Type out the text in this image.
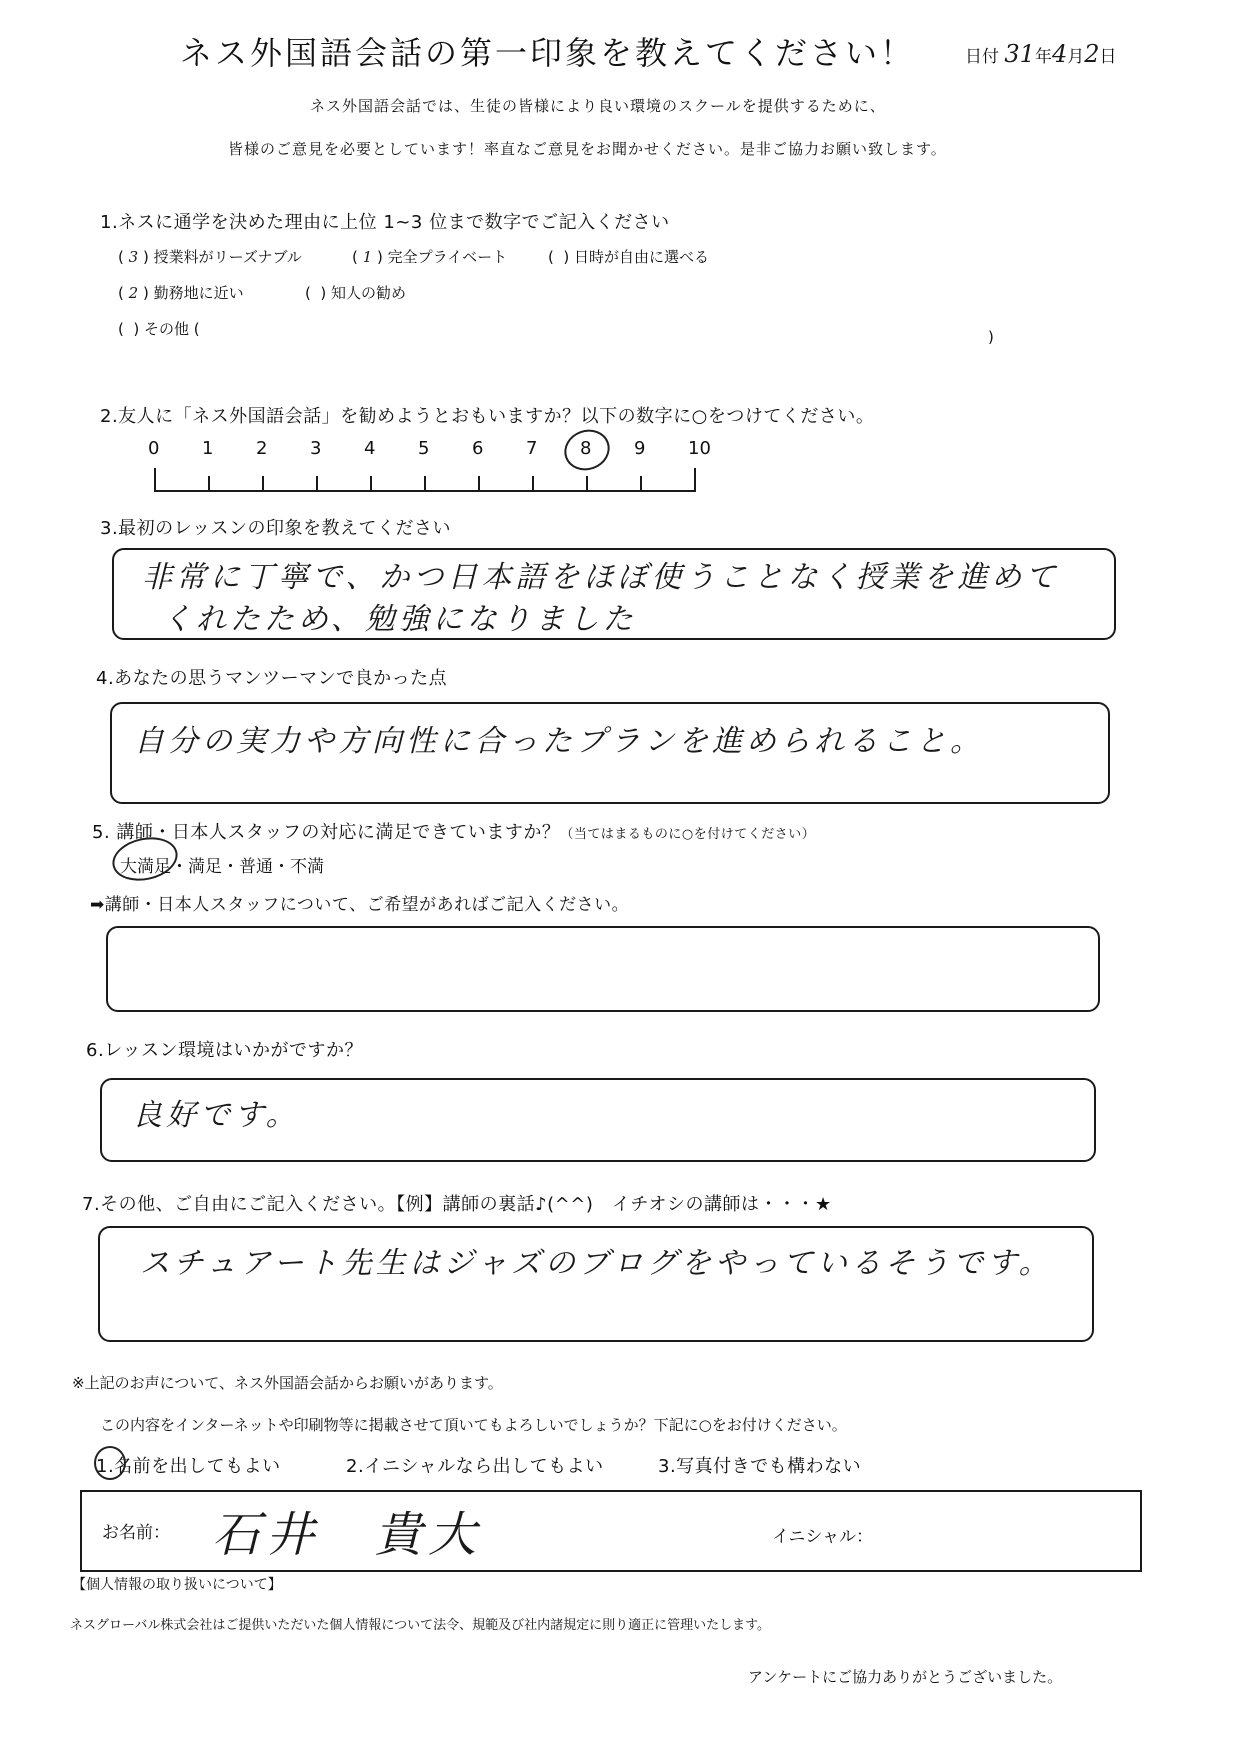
ネス外国語会話の第一印象を教えてください！	日付 31年4月2日
ネス外国語会話では、生徒の皆様により良い環境のスクールを提供するために、
皆様のご意見を必要としています！率直なご意見をお聞かせください。是非ご協力お願い致します。
1.ネスに通学を決めた理由に上位 1~3 位まで数字でご記入ください
( 3 ) 授業料がリーズナブル	( 1 ) 完全プライベート	(  ) 日時が自由に選べる
( 2 ) 勤務地に近い	(  ) 知人の勧め
(  ) その他 (	)
2.友人に「ネス外国語会話」を勧めようとおもいますか？以下の数字に○をつけてください。
0 1 2 3 4 5 6 7 8 9 10
3.最初のレッスンの印象を教えてください
非常に丁寧で、かつ日本語をほぼ使うことなく授業を進めて
くれたため、勉強になりました
4.あなたの思うマンツーマンで良かった点
自分の実力や方向性に合ったプランを進められること。
5. 講師・日本人スタッフの対応に満足できていますか？（当てはまるものに○を付けてください）
大満足・満足・普通・不満
➡講師・日本人スタッフについて、ご希望があればご記入ください。
6.レッスン環境はいかがですか？
良好です。
7.その他、ご自由にご記入ください。【例】講師の裏話♪(^^)　イチオシの講師は・・・★
スチュアート先生はジャズのブログをやっているそうです。
※上記のお声について、ネス外国語会話からお願いがあります。
この内容をインターネットや印刷物等に掲載させて頂いてもよろしいでしょうか？下記に○をお付けください。
1.名前を出してもよい	2.イニシャルなら出してもよい	3.写真付きでも構わない
お名前： 石井　貴大	イニシャル：
【個人情報の取り扱いについて】
ネスグローバル株式会社はご提供いただいた個人情報について法令、規範及び社内諸規定に則り適正に管理いたします。
アンケートにご協力ありがとうございました。
